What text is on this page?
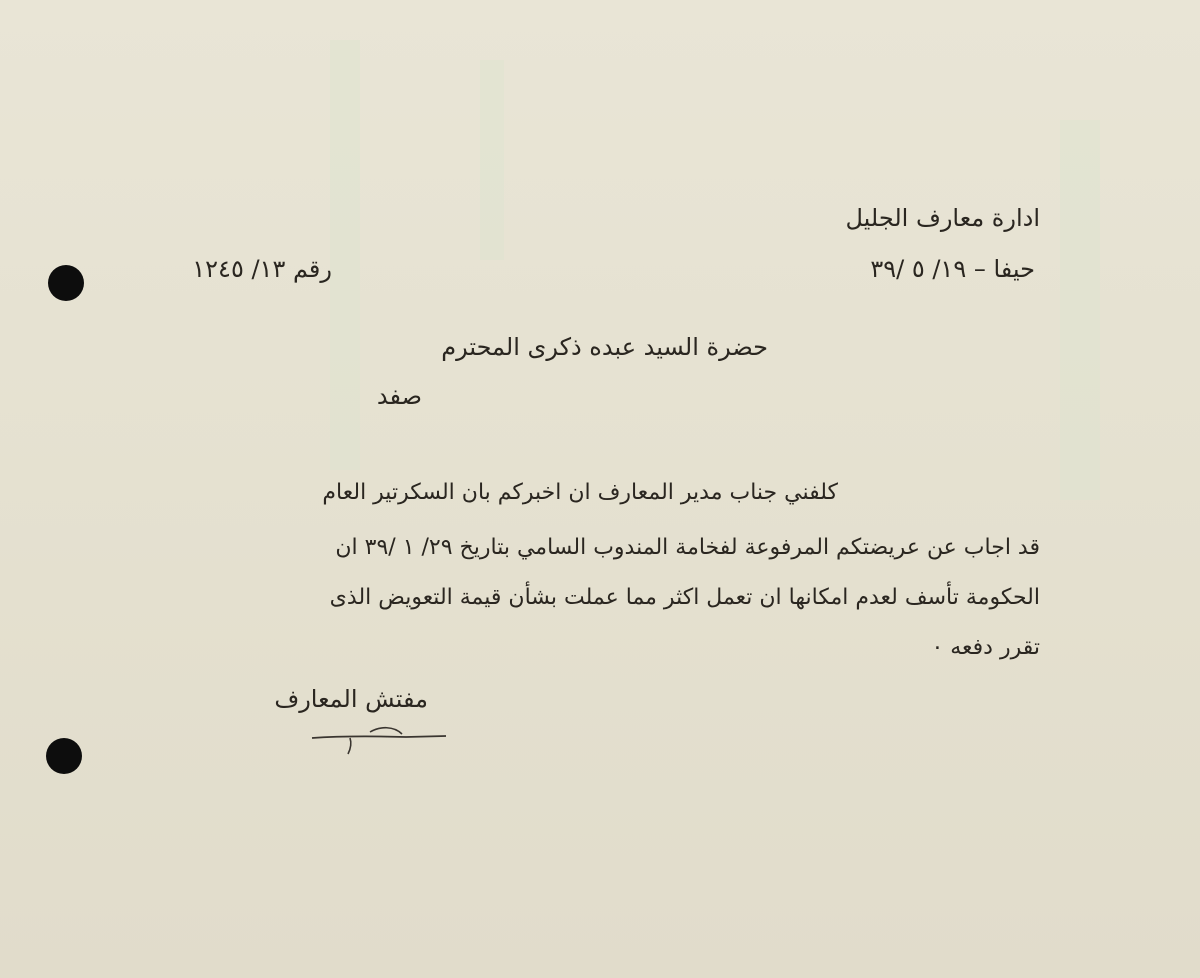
ادارة معارف الجليل
حيفا – ١٩/ ٥ /٣٩
رقم ١٣/ ١٢٤٥
حضرة السيد عبده ذكرى المحترم
صفد
كلفني جناب مدير المعارف ان اخبركم بان السكرتير العام
قد اجاب عن عريضتكم المرفوعة لفخامة المندوب السامي بتاريخ ٢٩/ ١ /٣٩ ان
الحكومة تأسف لعدم امكانها ان تعمل اكثر مما عملت بشأن قيمة التعويض الذى
تقرر دفعه ٠
مفتش المعارف
